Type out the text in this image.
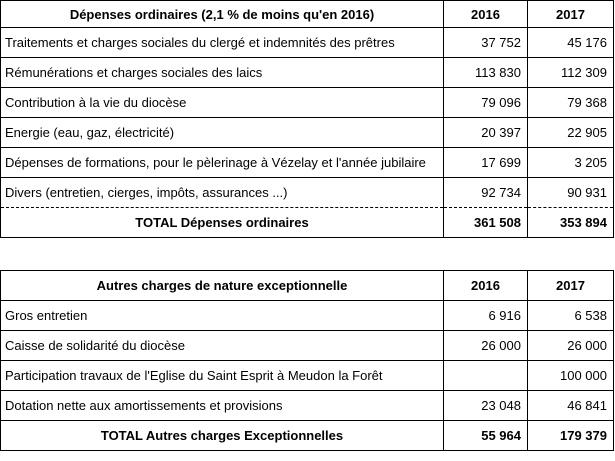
Dépenses ordinaires (2,1 % de moins qu'en 2016)	2016	2017
Traitements et charges sociales du clergé et indemnités des prêtres	37 752	45 176
Rémunérations et charges sociales des laics	113 830	112 309
Contribution à la vie du diocèse	79 096	79 368
Energie (eau, gaz, électricité)	20 397	22 905
Dépenses de formations, pour le pèlerinage à Vézelay et l'année jubilaire	17 699	3 205
Divers (entretien, cierges, impôts, assurances ...)	92 734	90 931
TOTAL Dépenses ordinaires	361 508	353 894
Autres charges de nature exceptionnelle	2016	2017
Gros entretien	6 916	6 538
Caisse de solidarité du diocèse	26 000	26 000
Participation travaux de l'Eglise du Saint Esprit à Meudon la Forêt		100 000
Dotation nette aux amortissements et provisions	23 048	46 841
TOTAL Autres charges Exceptionnelles	55 964	179 379
